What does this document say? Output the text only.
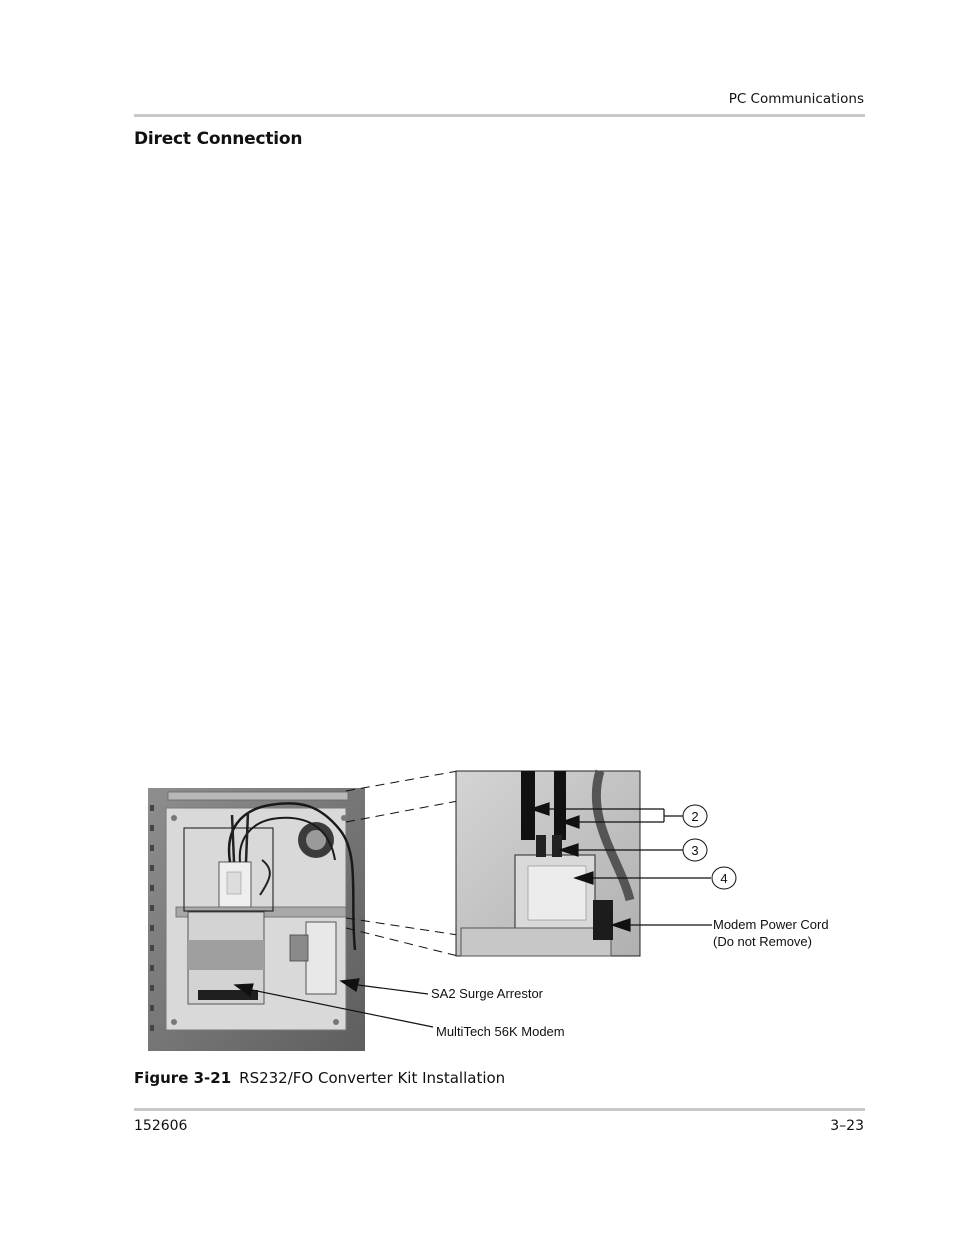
PC Communications
Direct Connection
2
3
4
Modem Power Cord
(Do not Remove)
SA2 Surge Arrestor
MultiTech 56K Modem
Figure 3-21 RS232/FO Converter Kit Installation
152606	3–23
